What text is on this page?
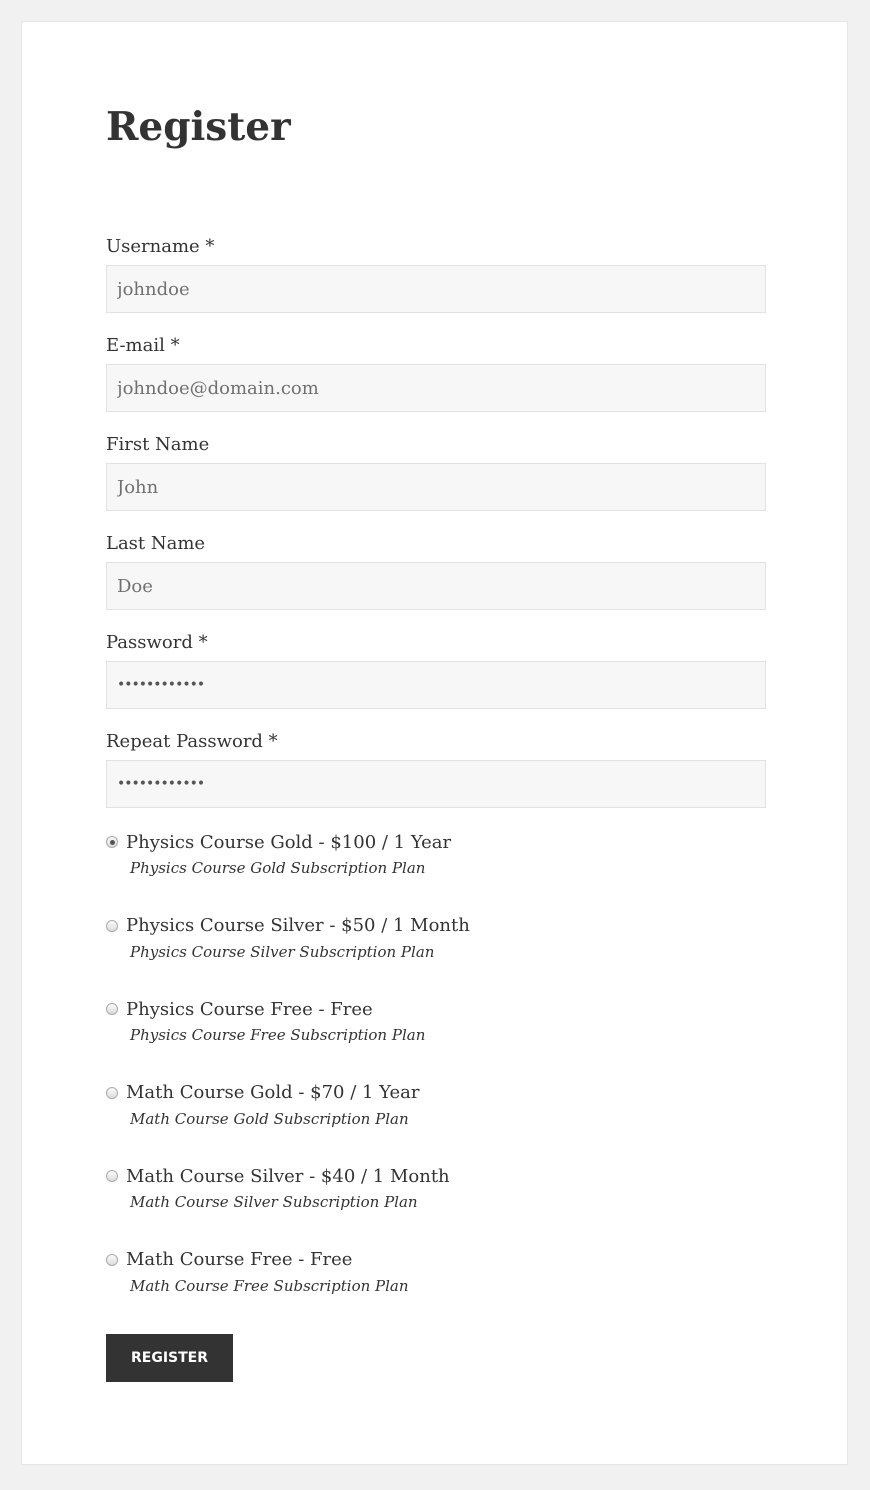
Register
Username *
johndoe
E-mail *
johndoe@domain.com
First Name
John
Last Name
Doe
Password *
••••••••••••
Repeat Password *
••••••••••••
Physics Course Gold - $100 / 1 Year
Physics Course Gold Subscription Plan
Physics Course Silver - $50 / 1 Month
Physics Course Silver Subscription Plan
Physics Course Free - Free
Physics Course Free Subscription Plan
Math Course Gold - $70 / 1 Year
Math Course Gold Subscription Plan
Math Course Silver - $40 / 1 Month
Math Course Silver Subscription Plan
Math Course Free - Free
Math Course Free Subscription Plan
REGISTER
